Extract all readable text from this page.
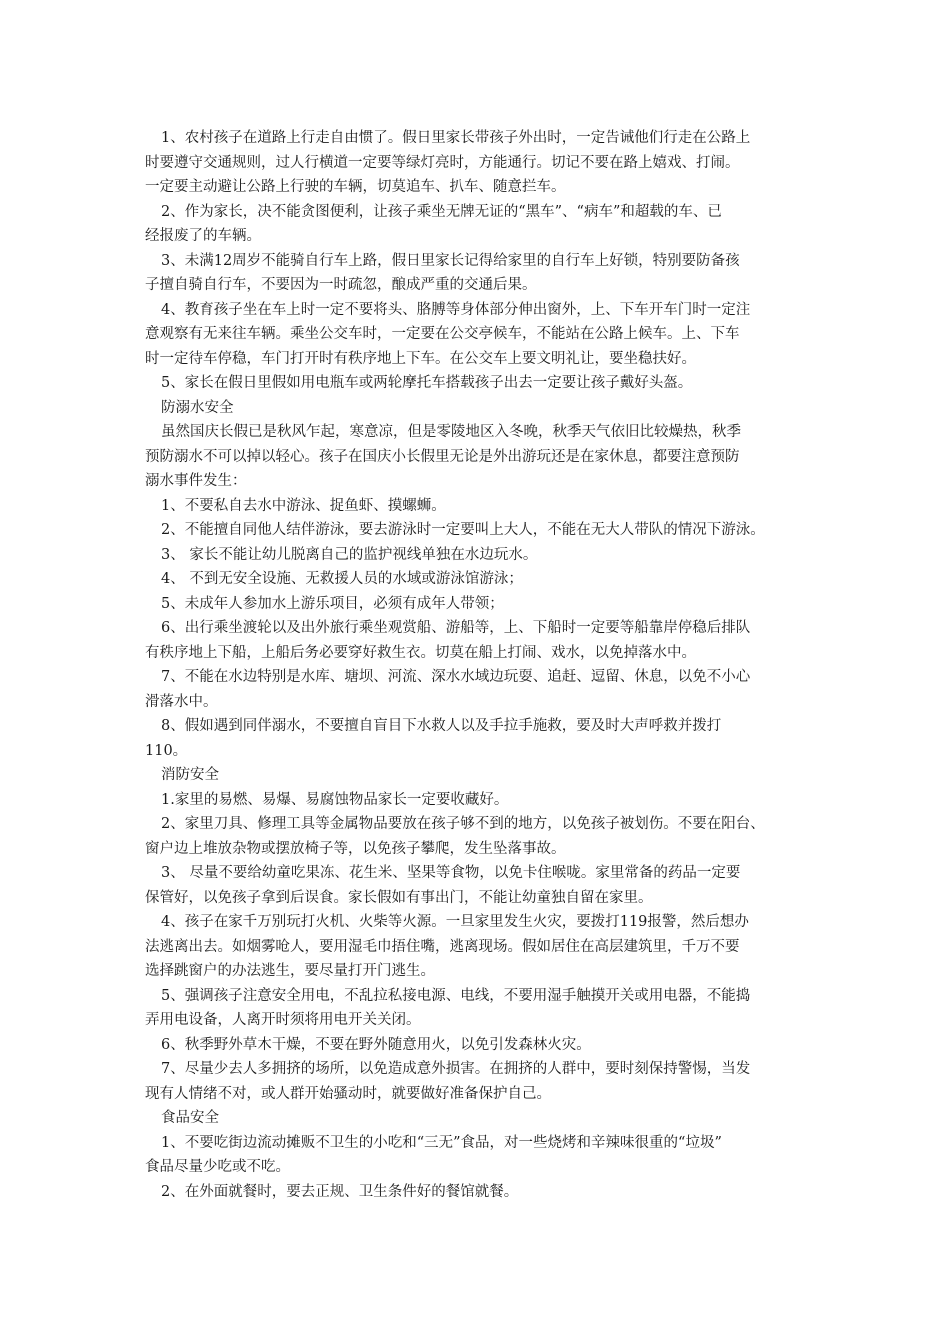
1、农村孩子在道路上行走自由惯了。假日里家长带孩子外出时，一定告诫他们行走在公路上
时要遵守交通规则，过人行横道一定要等绿灯亮时，方能通行。切记不要在路上嬉戏、打闹。
一定要主动避让公路上行驶的车辆，切莫追车、扒车、随意拦车。
2、作为家长，决不能贪图便利，让孩子乘坐无牌无证的“黑车”、“病车”和超载的车、已
经报废了的车辆。
3、未满12周岁不能骑自行车上路，假日里家长记得给家里的自行车上好锁，特别要防备孩
子擅自骑自行车，不要因为一时疏忽，酿成严重的交通后果。
4、教育孩子坐在车上时一定不要将头、胳膊等身体部分伸出窗外，上、下车开车门时一定注
意观察有无来往车辆。乘坐公交车时，一定要在公交亭候车，不能站在公路上候车。上、下车
时一定待车停稳，车门打开时有秩序地上下车。在公交车上要文明礼让，要坐稳扶好。
5、家长在假日里假如用电瓶车或两轮摩托车搭载孩子出去一定要让孩子戴好头盔。
防溺水安全
虽然国庆长假已是秋风乍起，寒意凉，但是零陵地区入冬晚，秋季天气依旧比较燥热，秋季
预防溺水不可以掉以轻心。孩子在国庆小长假里无论是外出游玩还是在家休息，都要注意预防
溺水事件发生：
1、不要私自去水中游泳、捉鱼虾、摸螺蛳。
2、不能擅自同他人结伴游泳，要去游泳时一定要叫上大人，不能在无大人带队的情况下游泳。
3、 家长不能让幼儿脱离自己的监护视线单独在水边玩水。
4、 不到无安全设施、无救援人员的水域或游泳馆游泳；
5、未成年人参加水上游乐项目，必须有成年人带领；
6、出行乘坐渡轮以及出外旅行乘坐观赏船、游船等，上、下船时一定要等船靠岸停稳后排队
有秩序地上下船，上船后务必要穿好救生衣。切莫在船上打闹、戏水，以免掉落水中。
7、不能在水边特别是水库、塘坝、河流、深水水域边玩耍、追赶、逗留、休息，以免不小心
滑落水中。
8、假如遇到同伴溺水，不要擅自盲目下水救人以及手拉手施救，要及时大声呼救并拨打
110。
消防安全
1.家里的易燃、易爆、易腐蚀物品家长一定要收藏好。
2、家里刀具、修理工具等金属物品要放在孩子够不到的地方，以免孩子被划伤。不要在阳台、
窗户边上堆放杂物或摆放椅子等，以免孩子攀爬，发生坠落事故。
3、 尽量不要给幼童吃果冻、花生米、坚果等食物，以免卡住喉咙。家里常备的药品一定要
保管好，以免孩子拿到后误食。家长假如有事出门，不能让幼童独自留在家里。
4、孩子在家千万别玩打火机、火柴等火源。一旦家里发生火灾，要拨打119报警，然后想办
法逃离出去。如烟雾呛人，要用湿毛巾捂住嘴，逃离现场。假如居住在高层建筑里，千万不要
选择跳窗户的办法逃生，要尽量打开门逃生。
5、强调孩子注意安全用电，不乱拉私接电源、电线，不要用湿手触摸开关或用电器，不能捣
弄用电设备，人离开时须将用电开关关闭。
6、秋季野外草木干燥，不要在野外随意用火，以免引发森林火灾。
7、尽量少去人多拥挤的场所，以免造成意外损害。在拥挤的人群中，要时刻保持警惕，当发
现有人情绪不对，或人群开始骚动时，就要做好准备保护自己。
食品安全
1、不要吃街边流动摊贩不卫生的小吃和“三无”食品，对一些烧烤和辛辣味很重的“垃圾”
食品尽量少吃或不吃。
2、在外面就餐时，要去正规、卫生条件好的餐馆就餐。
